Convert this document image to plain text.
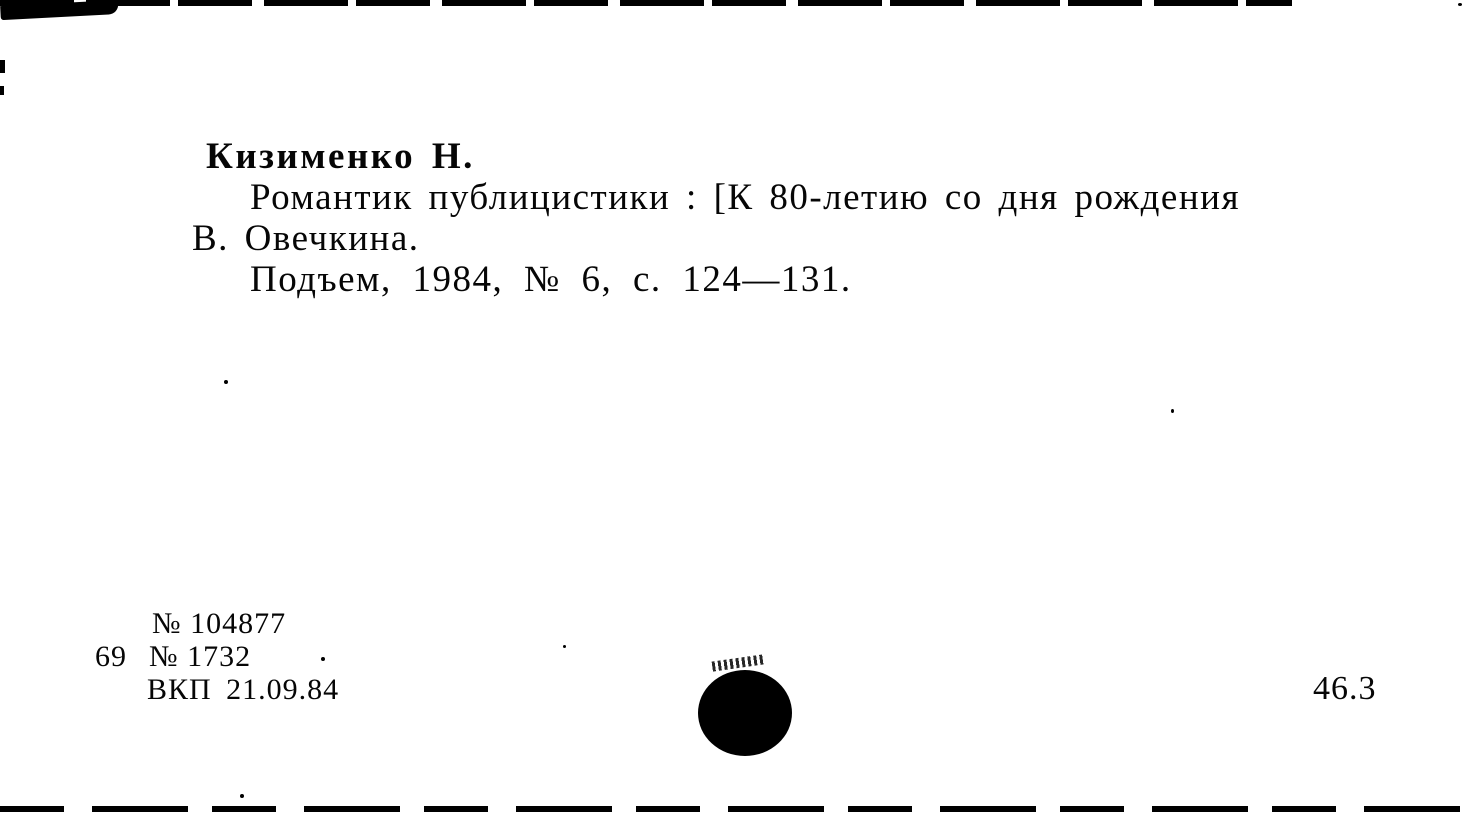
Кизименко Н.
Романтик публицистики : [К 80-летию со дня рождения
В. Овечкина.
Подъем, 1984, № 6, с. 124—131.
№ 104877
69 № 1732
ВКП 21.09.84	46.3
